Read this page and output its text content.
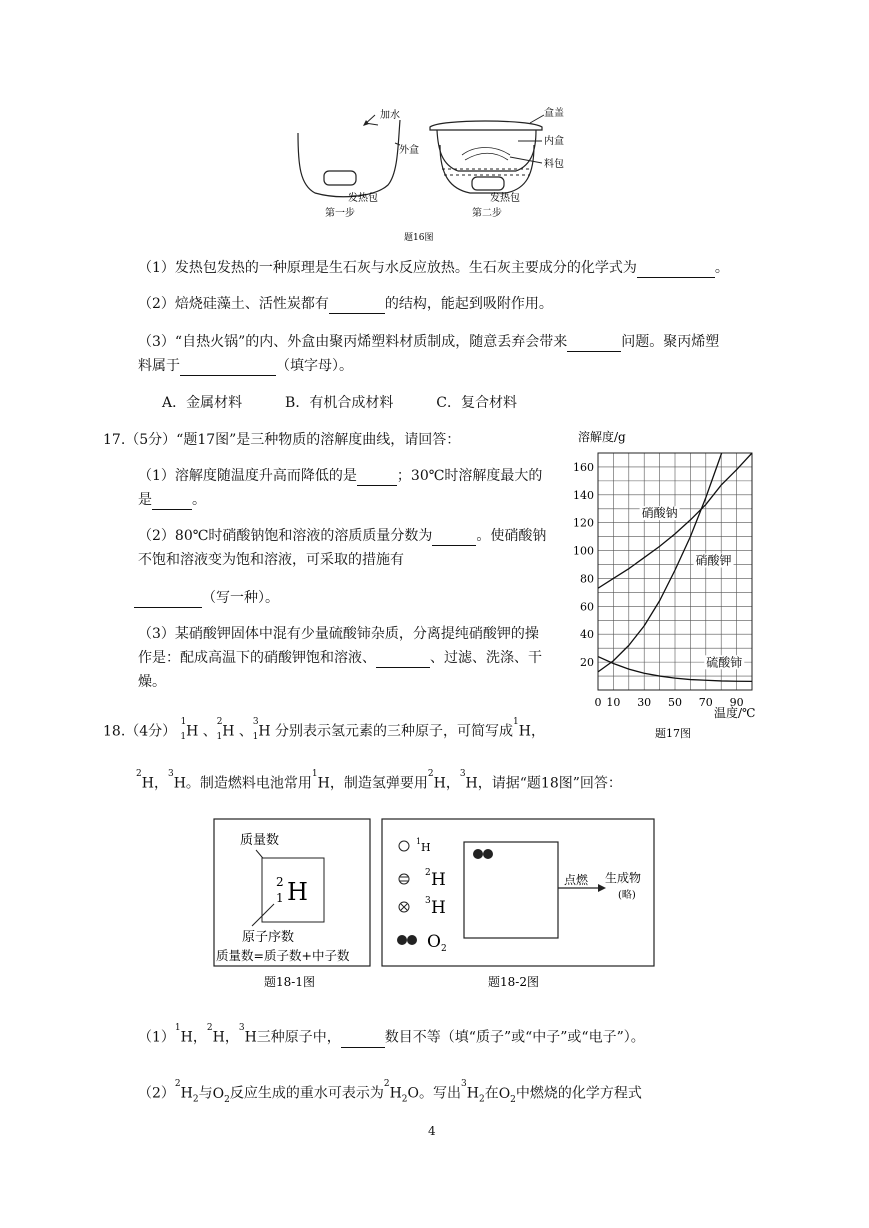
加水
外盒
发热包
第一步
盒盖
内盒
料包
发热包
第二步
题16图
（1）发热包发热的一种原理是生石灰与水反应放热。生石灰主要成分的化学式为	。
（2）焙烧硅藻土、活性炭都有	的结构，能起到吸附作用。
（3）“自热火锅”的内、外盒由聚丙烯塑料材质制成，随意丢弃会带来	问题。聚丙烯塑
料属于	（填字母）。
A．金属材料	B．有机合成材料	C．复合材料
17.（5分）“题17图”是三种物质的溶解度曲线，请回答：
（1）溶解度随温度升高而降低的是	；30℃时溶解度最大的
是	。
（2）80℃时硝酸钠饱和溶液的溶质质量分数为	。使硝酸钠
不饱和溶液变为饱和溶液，可采取的措施有
（写一种）。
（3）某硝酸钾固体中混有少量硫酸铈杂质，分离提纯硝酸钾的操
作是：配成高温下的硝酸钾饱和溶液、	、过滤、洗涤、干
燥。
20
40
60
80
100
120
140
160
0 10 30 50 70 90
溶解度/g
温度/℃
题17图
硝酸钠
硝酸钾
硫酸铈
18.（4分） $^1_1$H 、$^2_1$H 、$^3_1$H 分别表示氢元素的三种原子，可简写成$^1$H，
$^2$H，$^3$H。制造燃料电池常用$^1$H，制造氢弹要用$^2$H，$^3$H，请据“题18图”回答：
质量数
2
1 H
原子序数
质量数=质子数+中子数
题18-1图
1 H
2 H
3 H
O 2
点燃 生成物
(略)
题18-2图
$(1)^1H$，$^2$H，$^3$H三种原子中，	数目不等（填“质子”或“中子”或“电子”）。
$(2)^2H_2$与$O_2$反应生成的重水可表示为$^2H_2O$。写出$^3H_2$在$O_2$中燃烧的化学方程式
4
